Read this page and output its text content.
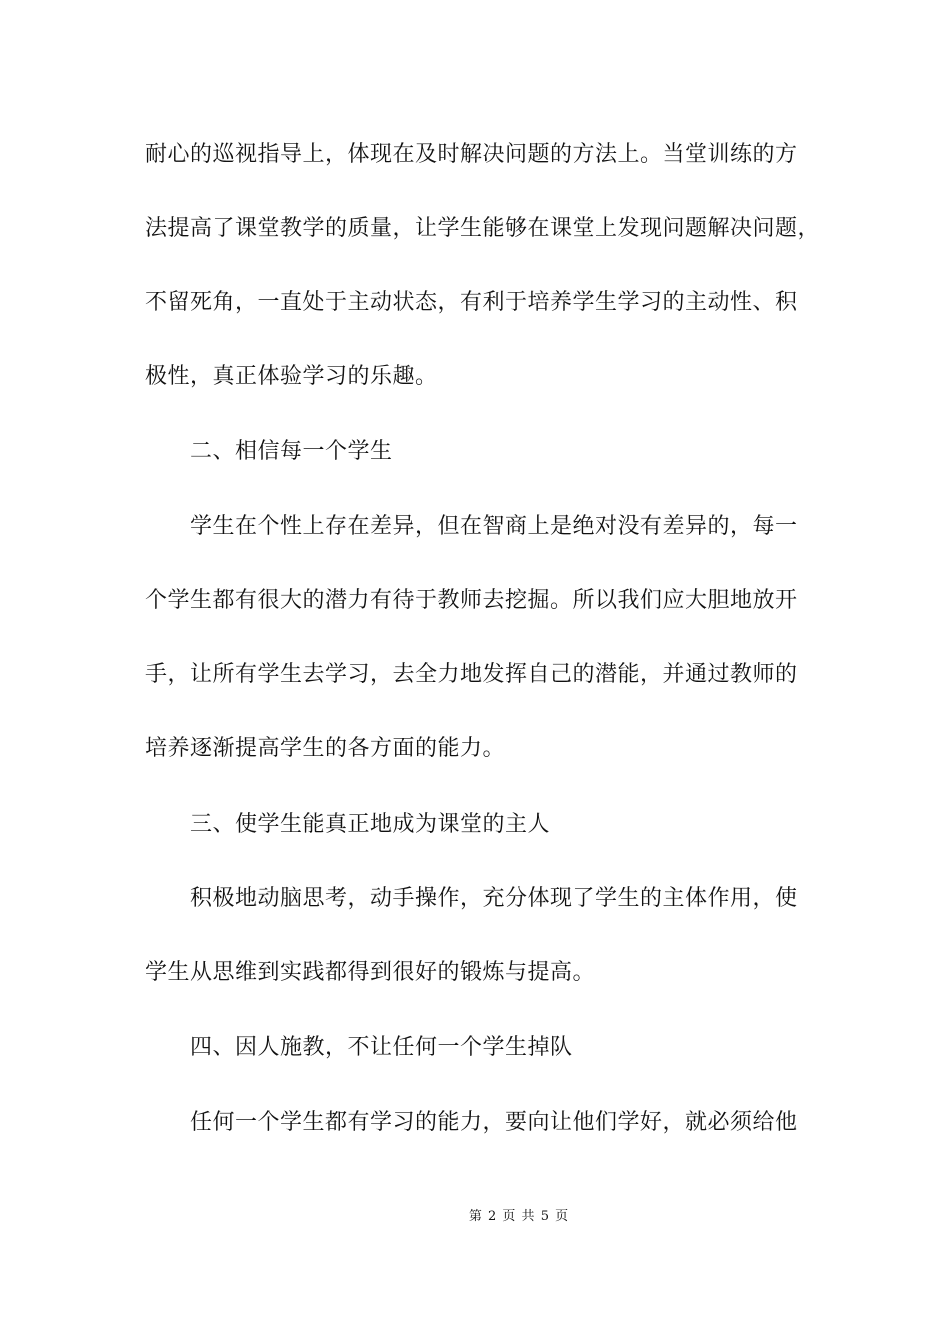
耐心的巡视指导上，体现在及时解决问题的方法上。当堂训练的方
法提高了课堂教学的质量，让学生能够在课堂上发现问题解决问题，
不留死角，一直处于主动状态，有利于培养学生学习的主动性、积
极性，真正体验学习的乐趣。
二、相信每一个学生
学生在个性上存在差异，但在智商上是绝对没有差异的，每一
个学生都有很大的潜力有待于教师去挖掘。所以我们应大胆地放开
手，让所有学生去学习，去全力地发挥自己的潜能，并通过教师的
培养逐渐提高学生的各方面的能力。
三、使学生能真正地成为课堂的主人
积极地动脑思考，动手操作，充分体现了学生的主体作用，使
学生从思维到实践都得到很好的锻炼与提高。
四、因人施教，不让任何一个学生掉队
任何一个学生都有学习的能力，要向让他们学好，就必须给他
第 2 页 共 5 页
